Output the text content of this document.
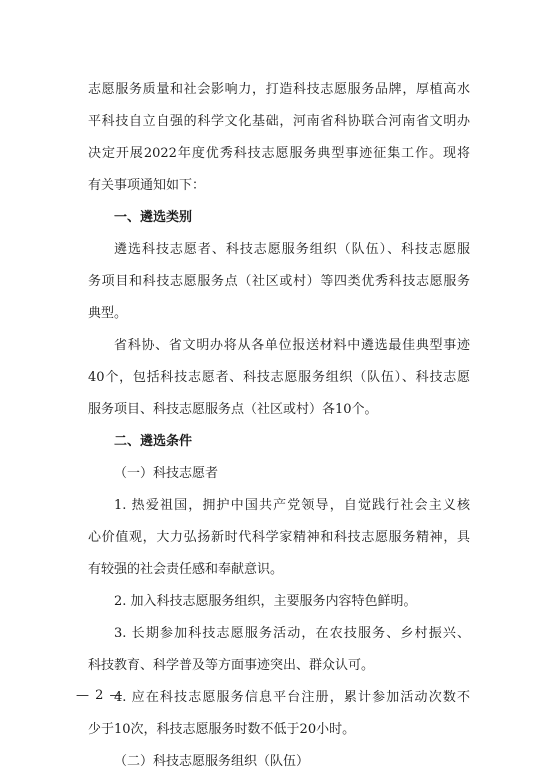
志愿服务质量和社会影响力，打造科技志愿服务品牌，厚植高水
平科技自立自强的科学文化基础，河南省科协联合河南省文明办
决定开展2022年度优秀科技志愿服务典型事迹征集工作。现将
有关事项通知如下：
一、遴选类别
遴选科技志愿者、科技志愿服务组织（队伍）、科技志愿服
务项目和科技志愿服务点（社区或村）等四类优秀科技志愿服务
典型。
省科协、省文明办将从各单位报送材料中遴选最佳典型事迹
40个，包括科技志愿者、科技志愿服务组织（队伍）、科技志愿
服务项目、科技志愿服务点（社区或村）各10个。
二、遴选条件
（一）科技志愿者
1. 热爱祖国，拥护中国共产党领导，自觉践行社会主义核
心价值观，大力弘扬新时代科学家精神和科技志愿服务精神，具
有较强的社会责任感和奉献意识。
2. 加入科技志愿服务组织，主要服务内容特色鲜明。
3. 长期参加科技志愿服务活动，在农技服务、乡村振兴、
科技教育、科学普及等方面事迹突出、群众认可。
4. 应在科技志愿服务信息平台注册，累计参加活动次数不
少于10次，科技志愿服务时数不低于20小时。
（二）科技志愿服务组织（队伍）
— 2 —
